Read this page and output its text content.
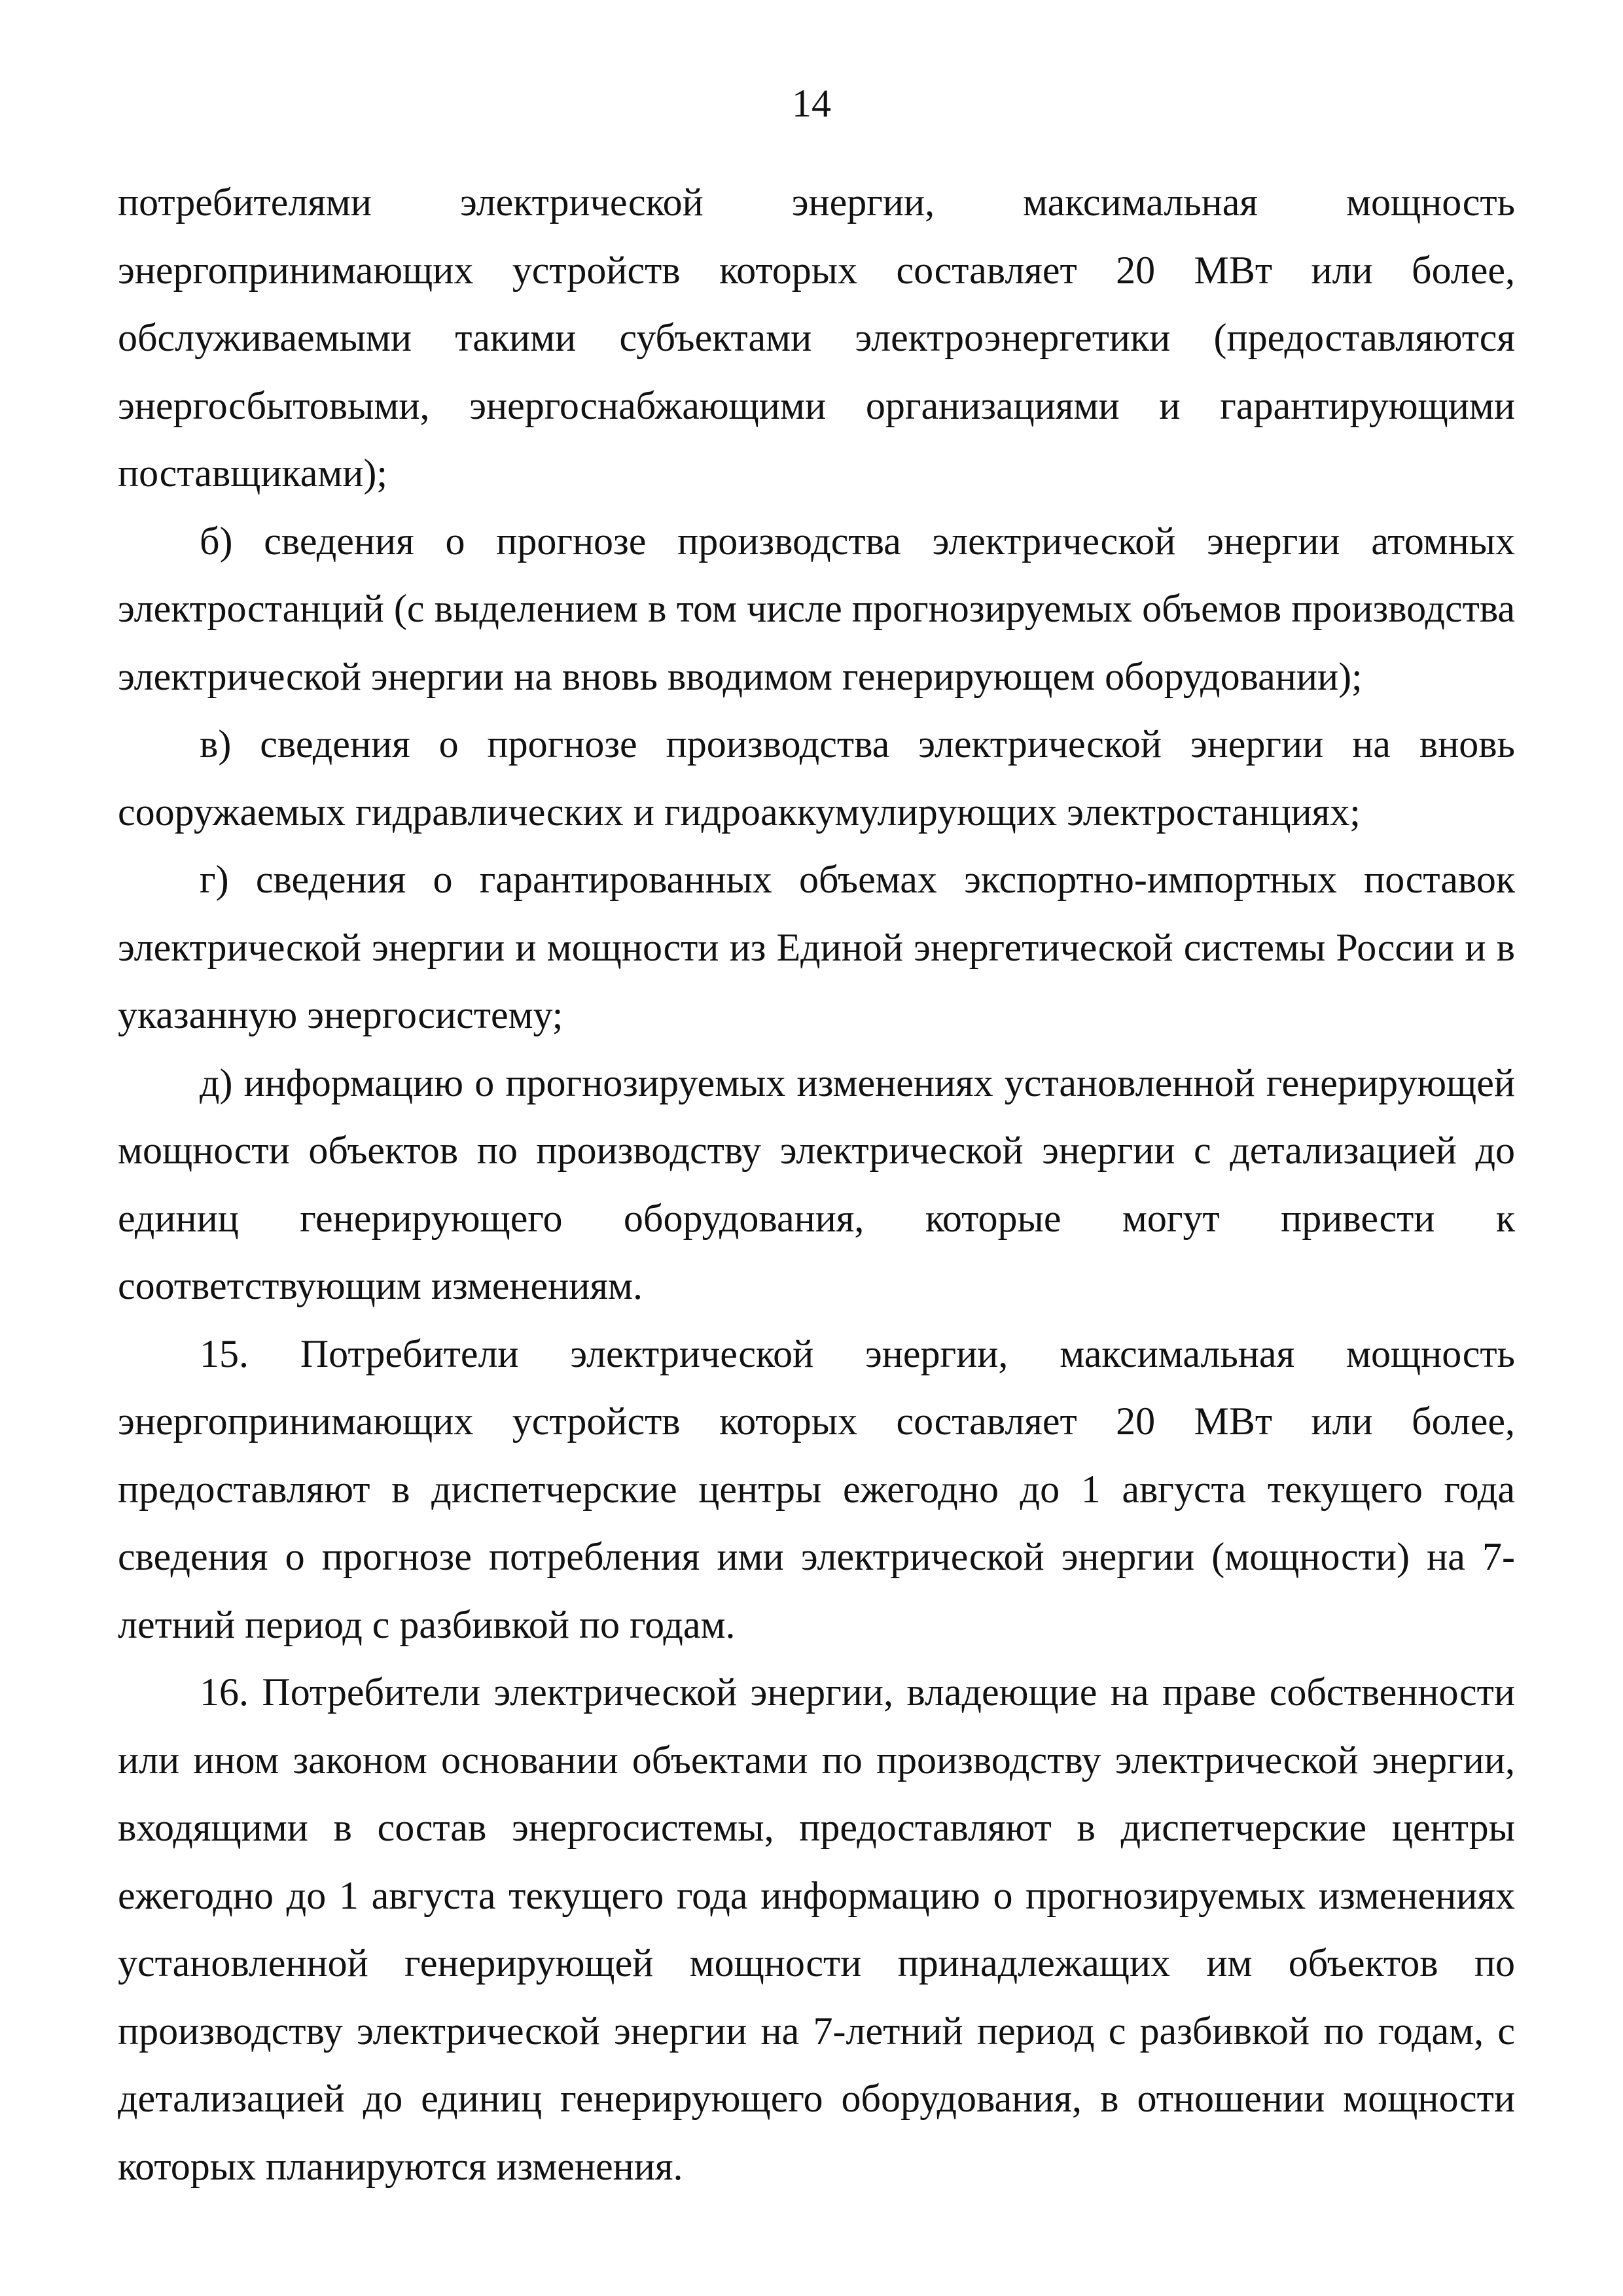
14

потребителями электрической энергии, максимальная мощность энергопринимающих устройств которых составляет 20 МВт или более, обслуживаемыми такими субъектами электроэнергетики (предоставляются энергосбытовыми, энергоснабжающими организациями и гарантирующими поставщиками);

б) сведения о прогнозе производства электрической энергии атомных электростанций (с выделением в том числе прогнозируемых объемов производства электрической энергии на вновь вводимом генерирующем оборудовании);

в) сведения о прогнозе производства электрической энергии на вновь сооружаемых гидравлических и гидроаккумулирующих электростанциях;

г) сведения о гарантированных объемах экспортно-импортных поставок электрической энергии и мощности из Единой энергетической системы России и в указанную энергосистему;

д) информацию о прогнозируемых изменениях установленной генерирующей мощности объектов по производству электрической энергии с детализацией до единиц генерирующего оборудования, которые могут привести к соответствующим изменениям.

15. Потребители электрической энергии, максимальная мощность энергопринимающих устройств которых составляет 20 МВт или более, предоставляют в диспетчерские центры ежегодно до 1 августа текущего года сведения о прогнозе потребления ими электрической энергии (мощности) на 7-летний период с разбивкой по годам.

16. Потребители электрической энергии, владеющие на праве собственности или ином законом основании объектами по производству электрической энергии, входящими в состав энергосистемы, предоставляют в диспетчерские центры ежегодно до 1 августа текущего года информацию о прогнозируемых изменениях установленной генерирующей мощности принадлежащих им объектов по производству электрической энергии на 7-летний период с разбивкой по годам, с детализацией до единиц генерирующего оборудования, в отношении мощности которых планируются изменения.
